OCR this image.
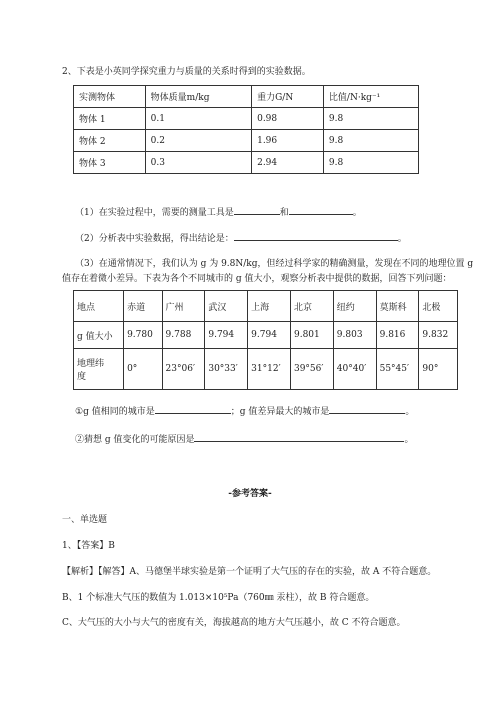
2、下表是小英同学探究重力与质量的关系时得到的实验数据。
实测物体	物体质量m/kg	重力G/N	比值/N·kg⁻¹
物体 1	0.1	0.98	9.8
物体 2	0.2	1.96	9.8
物体 3	0.3	2.94	9.8
（1）在实验过程中，需要的测量工具是	和	。
（2）分析表中实验数据，得出结论是：	。
（3）在通常情况下，我们认为 g 为 9.8N/kg，但经过科学家的精确测量，发现在不同的地理位置 g
值存在着微小差异。下表为各个不同城市的 g 值大小，观察分析表中提供的数据，回答下列问题：
地点	赤道	广州	武汉	上海	北京	纽约	莫斯科	北极
g 值大小	9.780	9.788	9.794	9.794	9.801	9.803	9.816	9.832
地理纬
度	0°	23°06′	30°33′	31°12′	39°56′	40°40′	55°45′	90°
①g 值相同的城市是	；g 值差异最大的城市是	。
②猜想 g 值变化的可能原因是	。
-参考答案-
一、单选题
1、【答案】B
【解析】【解答】A、马德堡半球实验是第一个证明了大气压的存在的实验，故 A 不符合题意。
B、1 个标准大气压的数值为 1.013×10⁵Pa（760㎜ 汞柱），故 B 符合题意。
C、大气压的大小与大气的密度有关，海拔越高的地方大气压越小，故 C 不符合题意。
